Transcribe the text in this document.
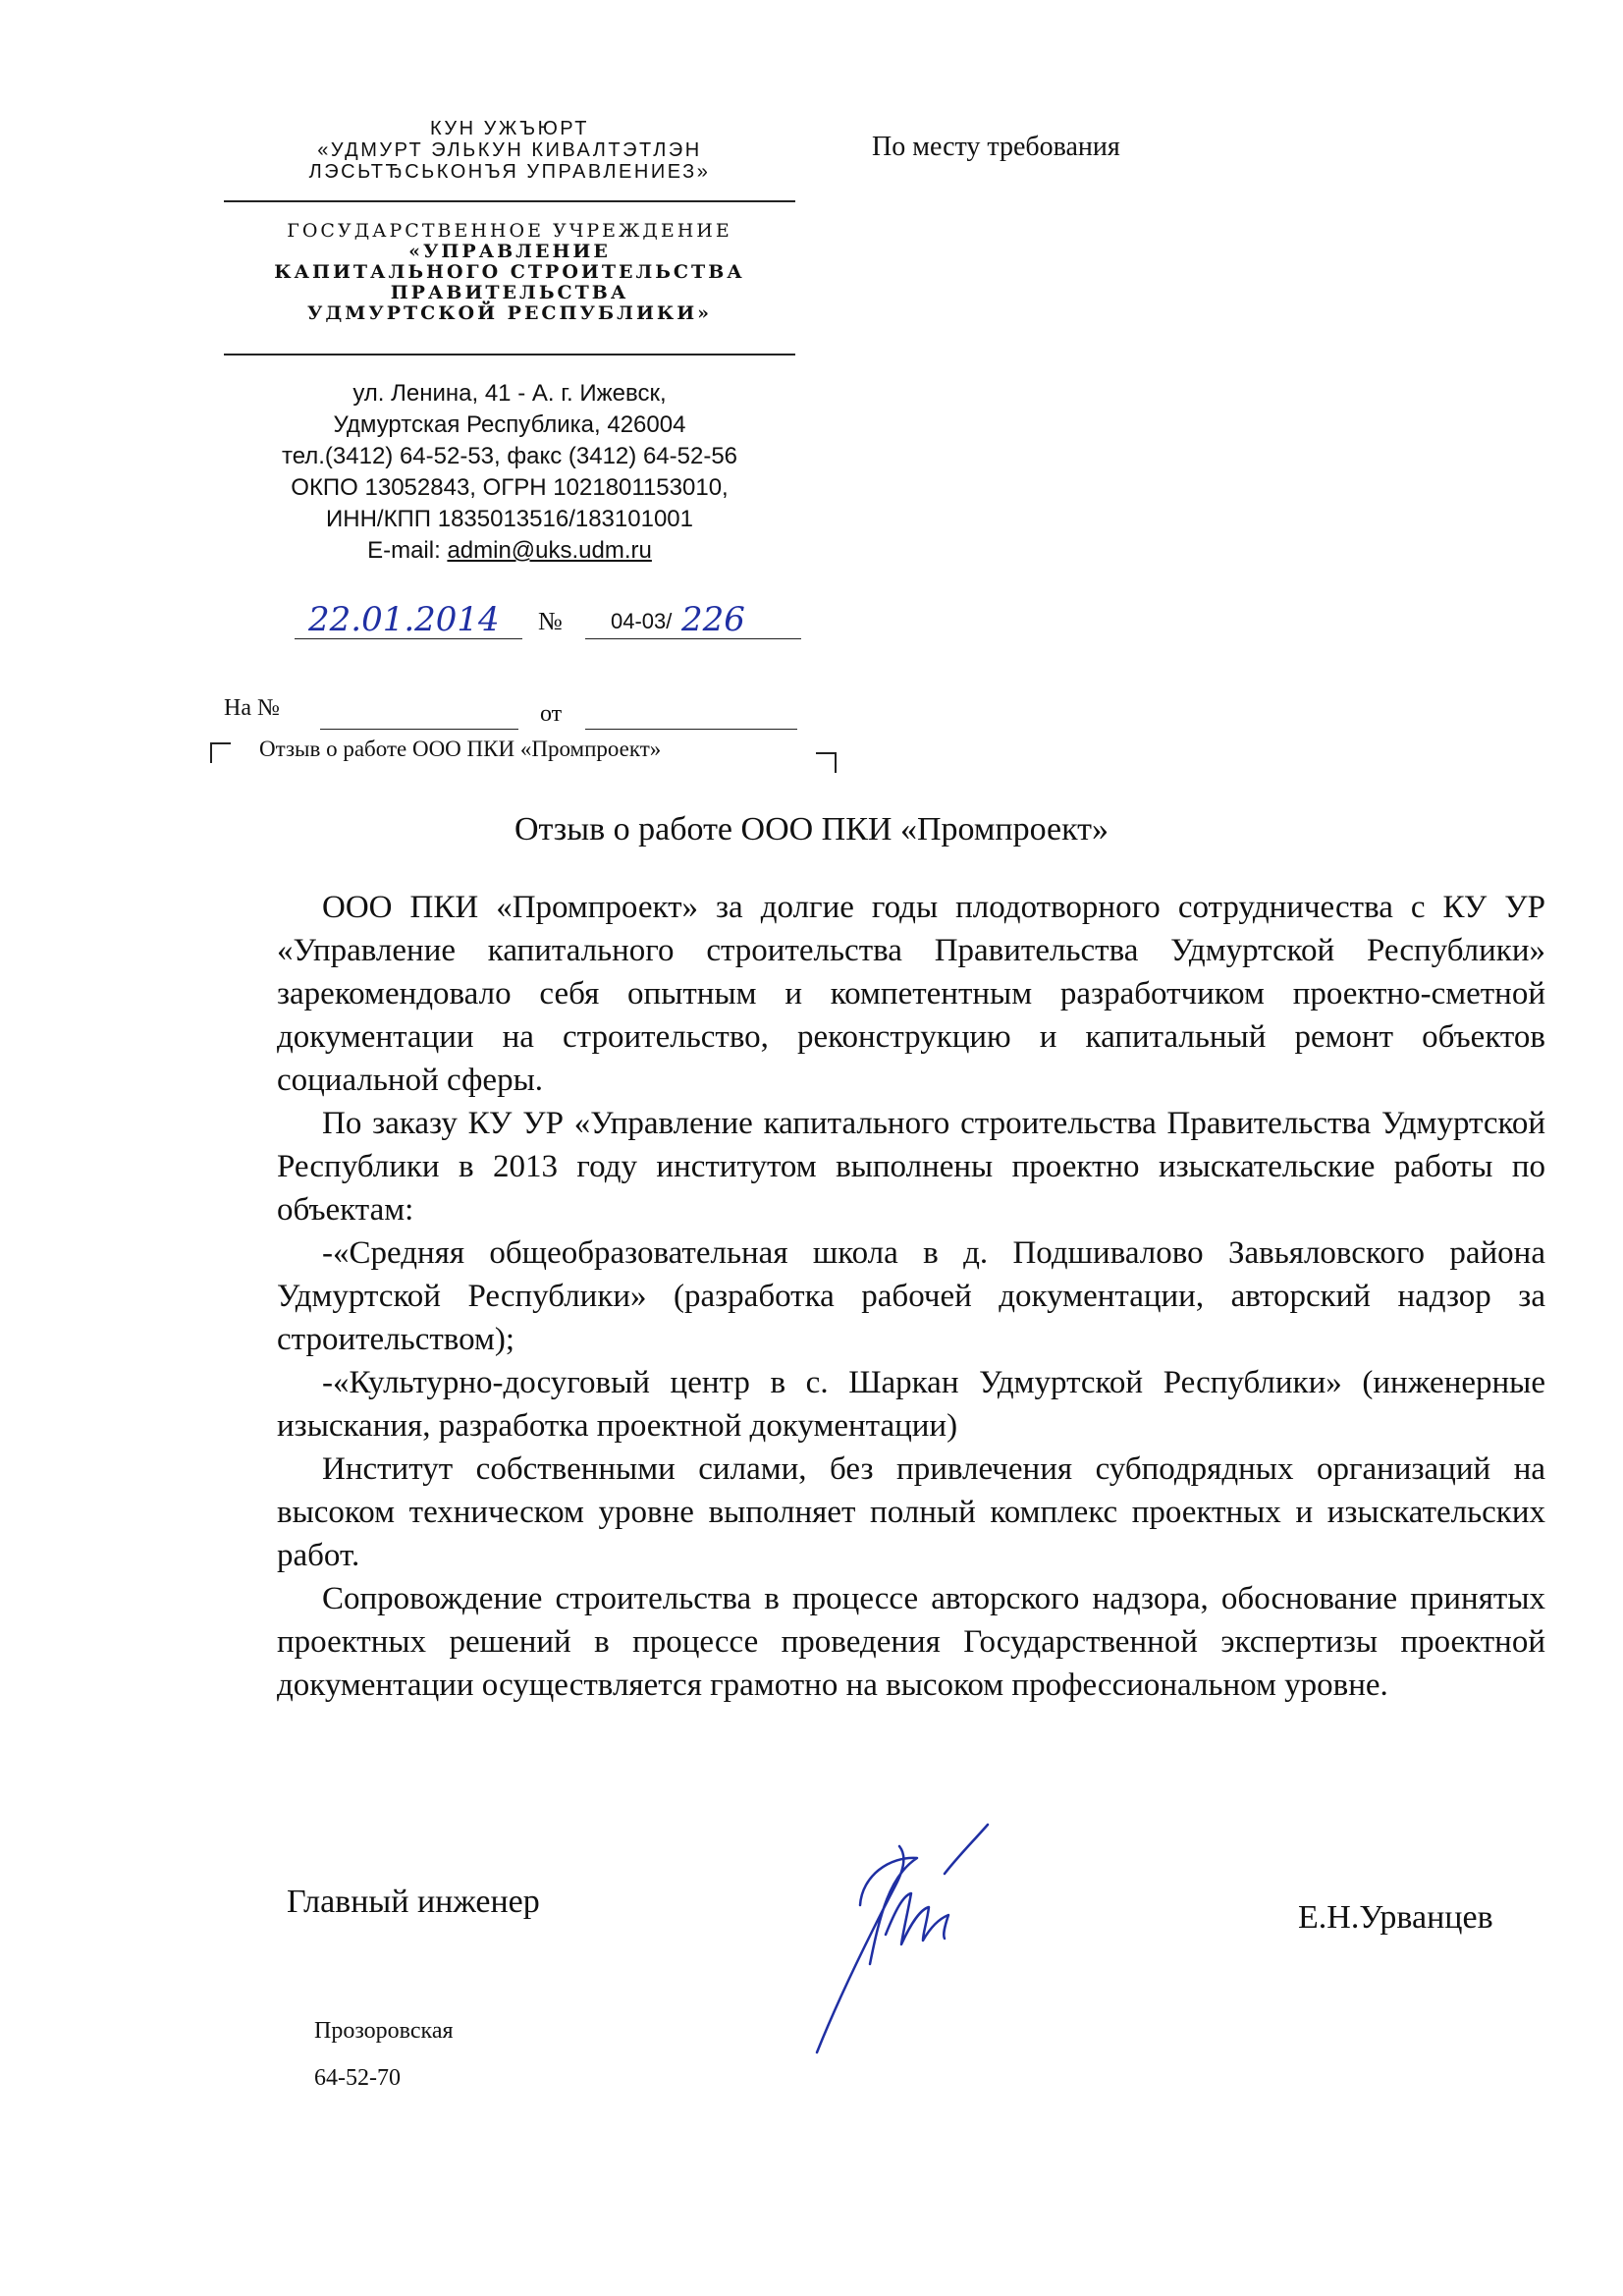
КУН УЖЪЮРТ
«УДМУРТ ЭЛЬКУН КИВАЛТЭТЛЭН
ЛЭСЬТЂСЬКОНЪЯ УПРАВЛЕНИЕЗ»
ГОСУДАРСТВЕННОЕ УЧРЕЖДЕНИЕ
«УПРАВЛЕНИЕ
КАПИТАЛЬНОГО СТРОИТЕЛЬСТВА
ПРАВИТЕЛЬСТВА
УДМУРТСКОЙ РЕСПУБЛИКИ»
ул. Ленина, 41 - А. г. Ижевск,
Удмуртская Республика, 426004
тел.(3412) 64-52-53, факс (3412) 64-52-56
ОКПО 13052843, ОГРН 1021801153010,
ИНН/КПП 1835013516/183101001
E-mail: admin@uks.udm.ru
По месту требования
22.01.2014 № 04-03/ 226
На №	от
Отзыв о работе ООО ПКИ «Промпроект»
Отзыв о работе ООО ПКИ «Промпроект»

ООО ПКИ «Промпроект» за долгие годы плодотворного сотрудничества с КУ УР «Управление капитального строительства Правительства Удмуртской Республики» зарекомендовало себя опытным и компетентным разработчиком проектно-сметной документации на строительство, реконструкцию и капитальный ремонт объектов социальной сферы.

По заказу КУ УР «Управление капитального строительства Правительства Удмуртской Республики в 2013 году институтом выполнены проектно изыскательские работы по объектам:

-«Средняя общеобразовательная школа в д. Подшивалово Завьяловского района Удмуртской Республики» (разработка рабочей документации, авторский надзор за строительством);

-«Культурно-досуговый центр в с. Шаркан Удмуртской Республики» (инженерные изыскания, разработка проектной документации)

Институт собственными силами, без привлечения субподрядных организаций на высоком техническом уровне выполняет полный комплекс проектных и изыскательских работ.

Сопровождение строительства в процессе авторского надзора, обоснование принятых проектных решений в процессе проведения Государственной экспертизы проектной документации осуществляется грамотно на высоком профессиональном уровне.

Главный инженер	Е.Н.Урванцев
Прозоровская
64-52-70
